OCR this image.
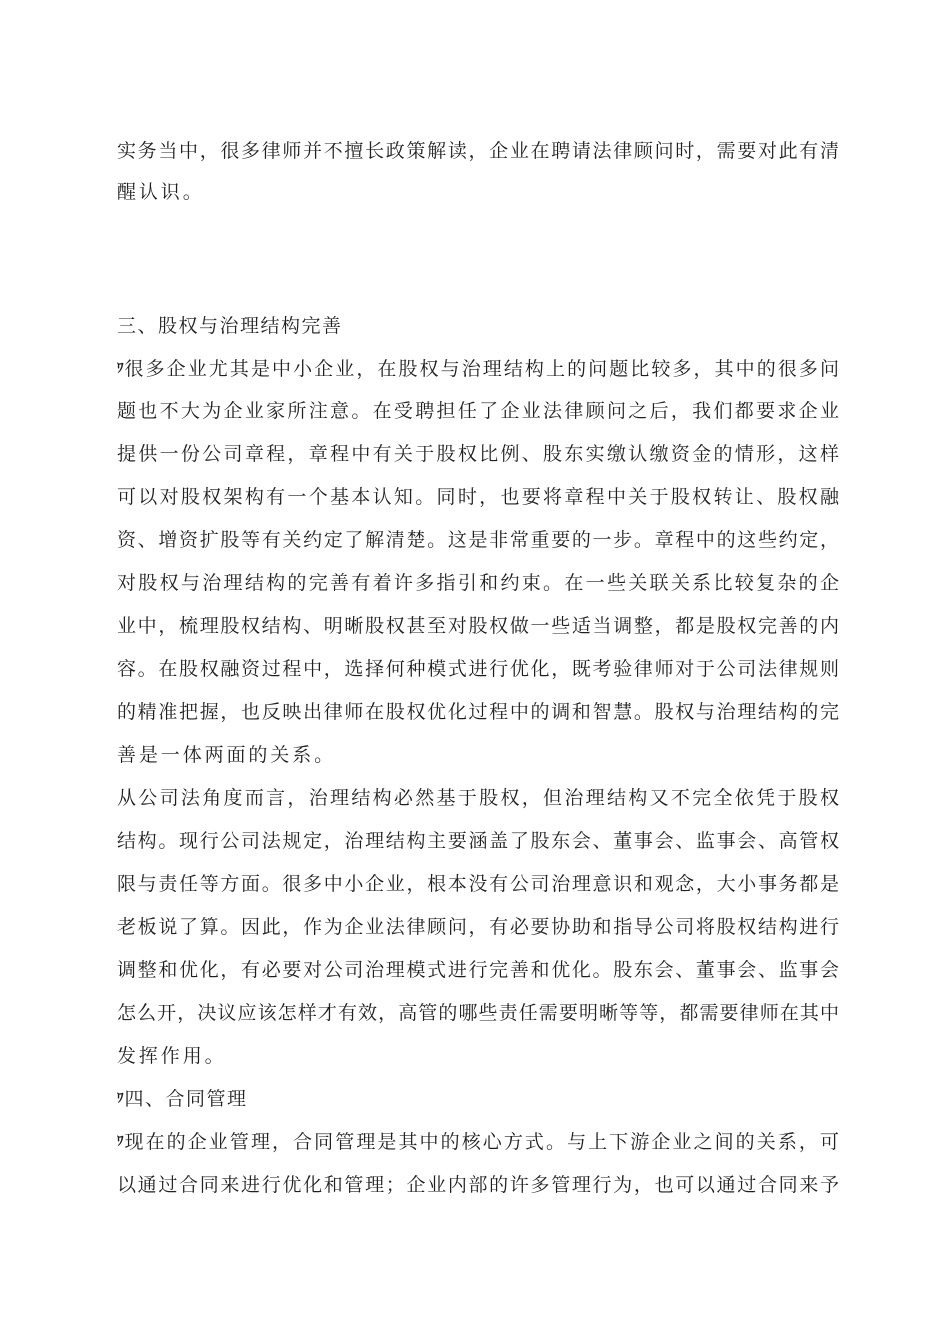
实务当中，很多律师并不擅长政策解读，企业在聘请法律顾问时，需要对此有清
醒认识。
三、股权与治理结构完善
ﾜ 很多企业尤其是中小企业，在股权与治理结构上的问题比较多，其中的很多问
题也不大为企业家所注意。在受聘担任了企业法律顾问之后，我们都要求企业
提供一份公司章程，章程中有关于股权比例、股东实缴认缴资金的情形，这样
可以对股权架构有一个基本认知。同时，也要将章程中关于股权转让、股权融
资、增资扩股等有关约定了解清楚。这是非常重要的一步。章程中的这些约定，
对股权与治理结构的完善有着许多指引和约束。在一些关联关系比较复杂的企
业中，梳理股权结构、明晰股权甚至对股权做一些适当调整，都是股权完善的内
容。在股权融资过程中，选择何种模式进行优化，既考验律师对于公司法律规则
的精准把握，也反映出律师在股权优化过程中的调和智慧。股权与治理结构的完
善是一体两面的关系。
从公司法角度而言，治理结构必然基于股权，但治理结构又不完全依凭于股权
结构。现行公司法规定，治理结构主要涵盖了股东会、董事会、监事会、高管权
限与责任等方面。很多中小企业，根本没有公司治理意识和观念，大小事务都是
老板说了算。因此，作为企业法律顾问，有必要协助和指导公司将股权结构进行
调整和优化，有必要对公司治理模式进行完善和优化。股东会、董事会、监事会
怎么开，决议应该怎样才有效，高管的哪些责任需要明晰等等，都需要律师在其中
发挥作用。
ﾜ 四、合同管理
ﾜ 现在的企业管理，合同管理是其中的核心方式。与上下游企业之间的关系，可
以通过合同来进行优化和管理；企业内部的许多管理行为，也可以通过合同来予
